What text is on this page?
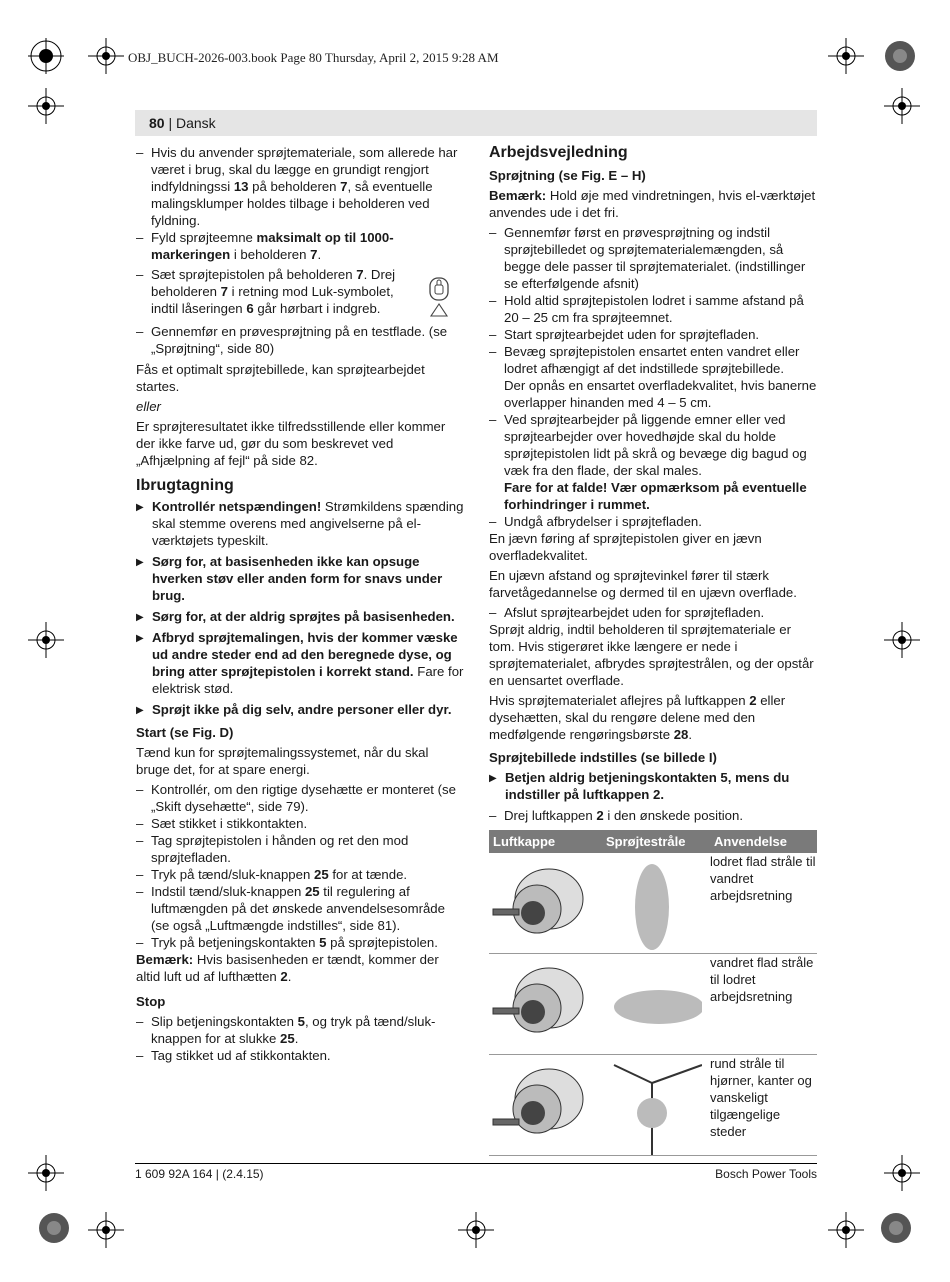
OBJ_BUCH-2026-003.book Page 80 Thursday, April 2, 2015 9:28 AM
80 | Dansk

– Hvis du anvender sprøjtemateriale, som allerede har været i brug, skal du lægge en grundigt rengjort indfyldningssi 13 på beholderen 7, så eventuelle malingsklumper holdes tilbage i beholderen ved fyldning.

– Fyld sprøjteemne maksimalt op til 1000-markeringen i beholderen 7.

– Sæt sprøjtepistolen på beholderen 7. Drej beholderen 7 i retning mod Luk-symbolet, indtil låseringen 6 går hørbart i indgreb.

– Gennemfør en prøvesprøjtning på en testflade. (se „Sprøjtning“, side 80)

Fås et optimalt sprøjtebillede, kan sprøjtearbejdet startes.

eller

Er sprøjteresultatet ikke tilfredsstillende eller kommer der ikke farve ud, gør du som beskrevet ved „Afhjælpning af fejl“ på side 82.

Ibrugtagning

▶ Kontrollér netspændingen! Strømkildens spænding skal stemme overens med angivelserne på el-værktøjets typeskilt.

▶ Sørg for, at basisenheden ikke kan opsuge hverken støv eller anden form for snavs under brug.

▶ Sørg for, at der aldrig sprøjtes på basisenheden.

▶ Afbryd sprøjtemalingen, hvis der kommer væske ud andre steder end ad den beregnede dyse, og bring atter sprøjtepistolen i korrekt stand. Fare for elektrisk stød.

▶ Sprøjt ikke på dig selv, andre personer eller dyr.

Start (se Fig. D)

Tænd kun for sprøjtemalingssystemet, når du skal bruge det, for at spare energi.

– Kontrollér, om den rigtige dysehætte er monteret (se „Skift dysehætte“, side 79).

– Sæt stikket i stikkontakten.

– Tag sprøjtepistolen i hånden og ret den mod sprøjtefladen.

– Tryk på tænd/sluk-knappen 25 for at tænde.

– Indstil tænd/sluk-knappen 25 til regulering af luftmængden på det ønskede anvendelsesområde (se også „Luftmængde indstilles“, side 81).

– Tryk på betjeningskontakten 5 på sprøjtepistolen.

Bemærk: Hvis basisenheden er tændt, kommer der altid luft ud af lufthætten 2.

Stop

– Slip betjeningskontakten 5, og tryk på tænd/sluk-knappen for at slukke 25.

– Tag stikket ud af stikkontakten.

Arbejdsvejledning
Sprøjtning (se Fig. E – H)

Bemærk: Hold øje med vindretningen, hvis el-værktøjet anvendes ude i det fri.

– Gennemfør først en prøvesprøjtning og indstil sprøjtebilledet og sprøjtematerialemængden, så begge dele passer til sprøjtematerialet. (indstillinger se efterfølgende afsnit)

– Hold altid sprøjtepistolen lodret i samme afstand på 20 – 25 cm fra sprøjteemnet.

– Start sprøjtearbejdet uden for sprøjtefladen.

– Bevæg sprøjtepistolen ensartet enten vandret eller lodret afhængigt af det indstillede sprøjtebillede.
Der opnås en ensartet overfladekvalitet, hvis banerne overlapper hinanden med 4 – 5 cm.

– Ved sprøjtearbejder på liggende emner eller ved sprøjtearbejder over hovedhøjde skal du holde sprøjtepistolen lidt på skrå og bevæge dig bagud og væk fra den flade, der skal males.
Fare for at falde! Vær opmærksom på eventuelle forhindringer i rummet.

– Undgå afbrydelser i sprøjtefladen.

En jævn føring af sprøjtepistolen giver en jævn overfladekvalitet.

En ujævn afstand og sprøjtevinkel fører til stærk farvetågedannelse og dermed til en ujævn overflade.

– Afslut sprøjtearbejdet uden for sprøjtefladen.

Sprøjt aldrig, indtil beholderen til sprøjtemateriale er tom. Hvis stigerøret ikke længere er nede i sprøjtematerialet, afbrydes sprøjtestrålen, og der opstår en uensartet overflade.

Hvis sprøjtematerialet aflejres på luftkappen 2 eller dysehætten, skal du rengøre delene med den medfølgende rengøringsbørste 28.

Sprøjtebillede indstilles (se billede I)

▶ Betjen aldrig betjeningskontakten 5, mens du indstiller på luftkappen 2.

– Drej luftkappen 2 i den ønskede position.

Luftkappe	Sprøjtestråle	Anvendelse

	lodret flad stråle til vandret arbejdsretning

	vandret flad stråle til lodret arbejdsretning

	rund stråle til hjørner, kanter og vanskeligt tilgængelige steder
1 609 92A 164 | (2.4.15)	Bosch Power Tools
